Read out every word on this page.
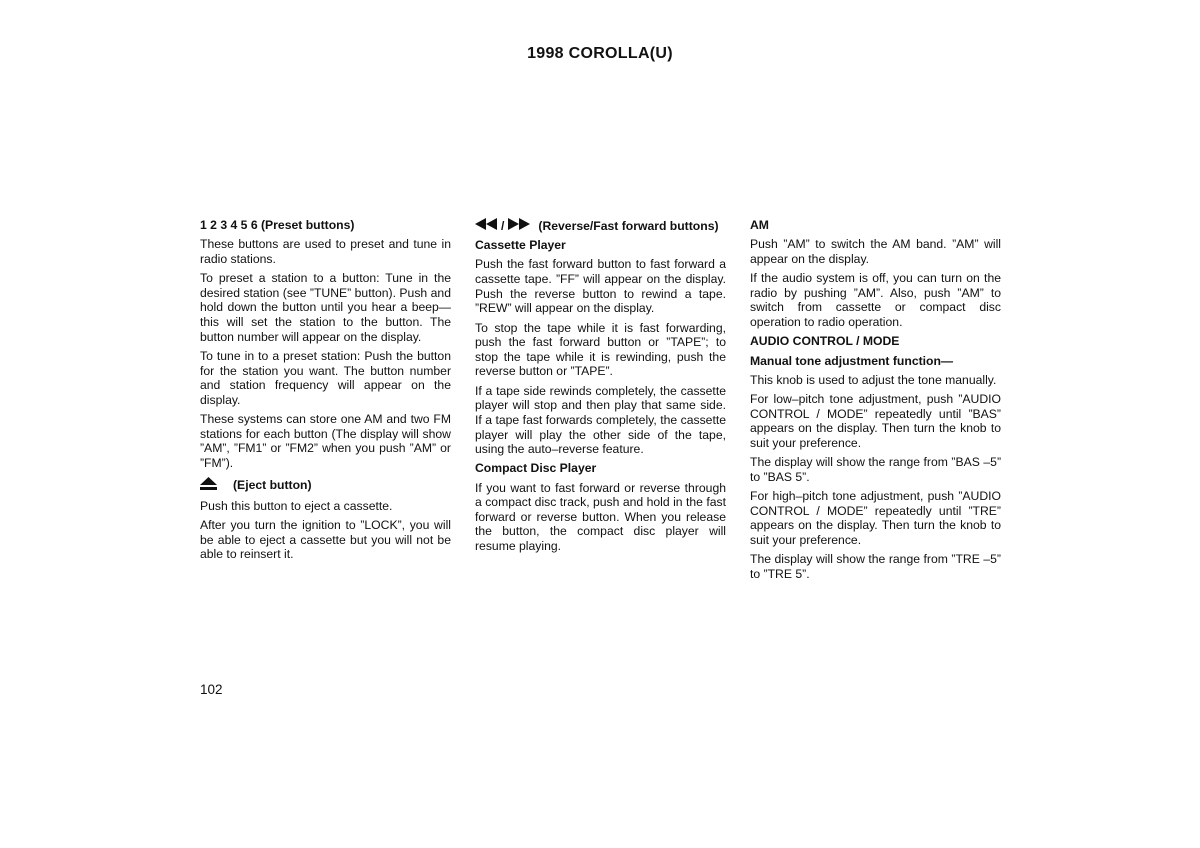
1998 COROLLA(U)
1 2 3 4 5 6 (Preset buttons)

These buttons are used to preset and tune in radio stations.

To preset a station to a button: Tune in the desired station (see ”TUNE” button). Push and hold down the button until you hear a beep—this will set the station to the button. The button number will appear on the display.

To tune in to a preset station: Push the button for the station you want. The button number and station frequency will appear on the display.

These systems can store one AM and two FM stations for each button (The display will show ”AM”, ”FM1” or ”FM2” when you push ”AM” or ”FM”).

(Eject button)

Push this button to eject a cassette.

After you turn the ignition to ”LOCK”, you will be able to eject a cassette but you will not be able to reinsert it.

/	(Reverse/Fast forward buttons)
Cassette Player

Push the fast forward button to fast forward a cassette tape. ”FF” will appear on the display. Push the reverse button to rewind a tape. ”REW” will appear on the display.

To stop the tape while it is fast forwarding, push the fast forward button or ”TAPE”; to stop the tape while it is rewinding, push the reverse button or ”TAPE”.

If a tape side rewinds completely, the cassette player will stop and then play that same side. If a tape fast forwards completely, the cassette player will play the other side of the tape, using the auto–reverse feature.

Compact Disc Player

If you want to fast forward or reverse through a compact disc track, push and hold in the fast forward or reverse button. When you release the button, the compact disc player will resume playing.

AM

Push ”AM” to switch the AM band. ”AM” will appear on the display.

If the audio system is off, you can turn on the radio by pushing ”AM”. Also, push ”AM” to switch from cassette or compact disc operation to radio operation.

AUDIO CONTROL / MODE
Manual tone adjustment function—

This knob is used to adjust the tone manually.

For low–pitch tone adjustment, push ”AUDIO CONTROL / MODE” repeatedly until ”BAS” appears on the display. Then turn the knob to suit your preference.

The display will show the range from ”BAS –5” to ”BAS 5”.

For high–pitch tone adjustment, push ”AUDIO CONTROL / MODE” repeatedly until ”TRE” appears on the display. Then turn the knob to suit your preference.

The display will show the range from ”TRE –5” to ”TRE 5”.

102
